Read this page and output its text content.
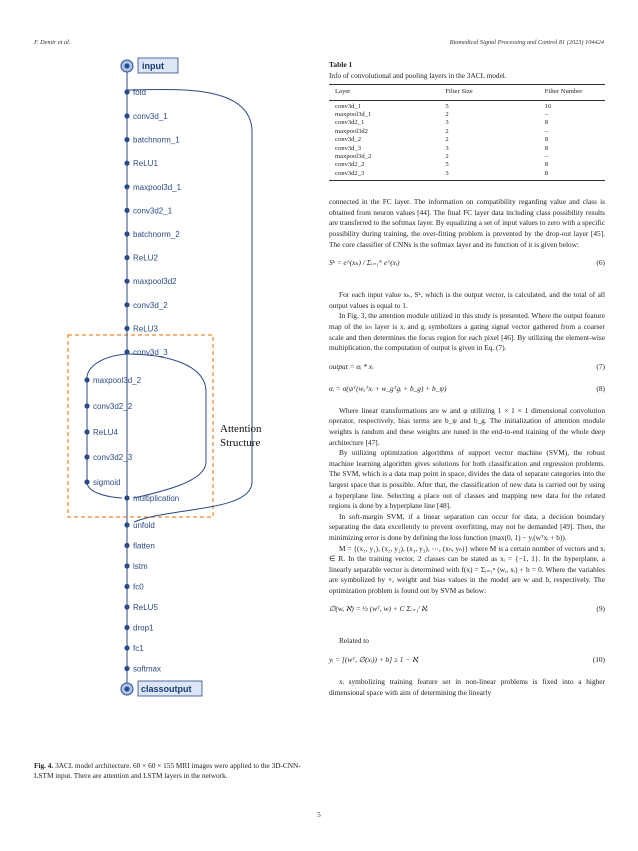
F. Demir et al.	Biomedical Signal Processing and Control 81 (2023) 104424
input
fold
conv3d_1
batchnorm_1
ReLU1
maxpool3d_1
conv3d2_1
batchnorm_2
ReLU2
maxpool3d2
conv3d_2
ReLU3
conv3d_3
maxpool3d_2
conv3d2_2
ReLU4
conv3d2_3
sigmoid
multiplication
unfold
flatten
lstm
fc0
ReLU5
drop1
fc1
softmax
classoutput
Attention
Structure
Fig. 4. 3ACL model architecture. 60 × 60 × 155 MRI images were applied to the 3D-CNN-LSTM input. There are attention and LSTM layers in the network.
Table 1
Info of convolutional and pooling layers in the 3ACL model.
Layer	Filter Size	Filter Number
conv3d_1	5	16
maxpool3d_1	2	–
conv3d2_1	3	8
maxpool3d2	2	–
conv3d_2	2	8
conv3d_3	3	8
maxpool3d_2	2	–
conv3d2_2	5	8
conv3d2_3	3	8

connected in the FC layer. The information on compatibility regarding value and class is obtained from neuron values [44]. The final FC layer data including class possibility results are transferred to the softmax layer. By equalizing a set of input values to zero with a specific possibility during training, the over-fitting problem is prevented by the drop-out layer [45]. The core classifier of CNNs is the softmax layer and its function of it is given below:

Sᵏ = e^(xₖ) / Σᵢ₌₁ᴺ e^(xᵢ)	(6)

For each input value xₖ, Sᵏ, which is the output vector, is calculated, and the total of all output values is equal to 1.

In Fig. 3, the attention module utilized in this study is presented. Where the output feature map of the iₜₕ layer is xᵢ and gᵢ symbolizes a gating signal vector gathered from a coarser scale and then determines the focus region for each pixel [46]. By utilizing the element-wise multiplication, the computation of output is given in Eq. (7).

output = αᵢ * xᵢ	(7)
αᵢ = σ(ψᵀ(wₓᵀxᵢ + w_gᵀgᵢ + b_g) + b_ψ)	(8)

Where linear transformations are w and φ utilizing 1 × 1 × 1 dimensional convolution operator, respectively, bias terms are b_ψ and b_g. The initialization of attention module weights is random and these weights are tuned in the end-to-end training of the whole deep architecture [47].

By utilizing optimization algorithms of support vector machine (SVM), the robust machine learning algorithm gives solutions for both classification and regression problems. The SVM, which is a data map point in space, divides the data of separate categories into the largest space that is possible. After that, the classification of new data is carried out by using a hyperplane line. Selecting a place out of classes and mapping new data for the related regions is done by a hyperplane line [48].

In soft-margin SVM, if a linear separation can occur for data, a decision boundary separating the data excellently to prevent overfitting, may not be demanded [49]. Then, the minimizing error is done by defining the loss function (max(0, 1) − yᵢ(wᵀxᵢ + b)).

M = {(x₁, y₁), (x₂, y₂), (x₃, y₃), ⋯, (xₙ, yₙ)} where M is a certain number of vectors and xᵢ ∈ R. In the training vector, 2 classes can be stated as xᵢ = {−1, 1}. In the hyperplane, a linearly separable vector is determined with f(x) = Σᵢ₌₁ⁿ (wᵢ, xᵢ) + b = 0. Where the variables are symbolized by ×, weight and bias values in the model are w and b, respectively. The optimization problem is found out by SVM as below:

∅(w, ℵ) = ½ (wᵀ, w) + C Σᵢ₌₁ˡ ℵᵢ	(9)

Related to

yᵢ = [(wᵀ, ∅(xᵢ)) + b] ≥ 1 − ℵᵢ	(10)

xᵢ symbolizing training feature set in non-linear problems is fixed into a higher dimensional space with aim of determining the linearly

5
